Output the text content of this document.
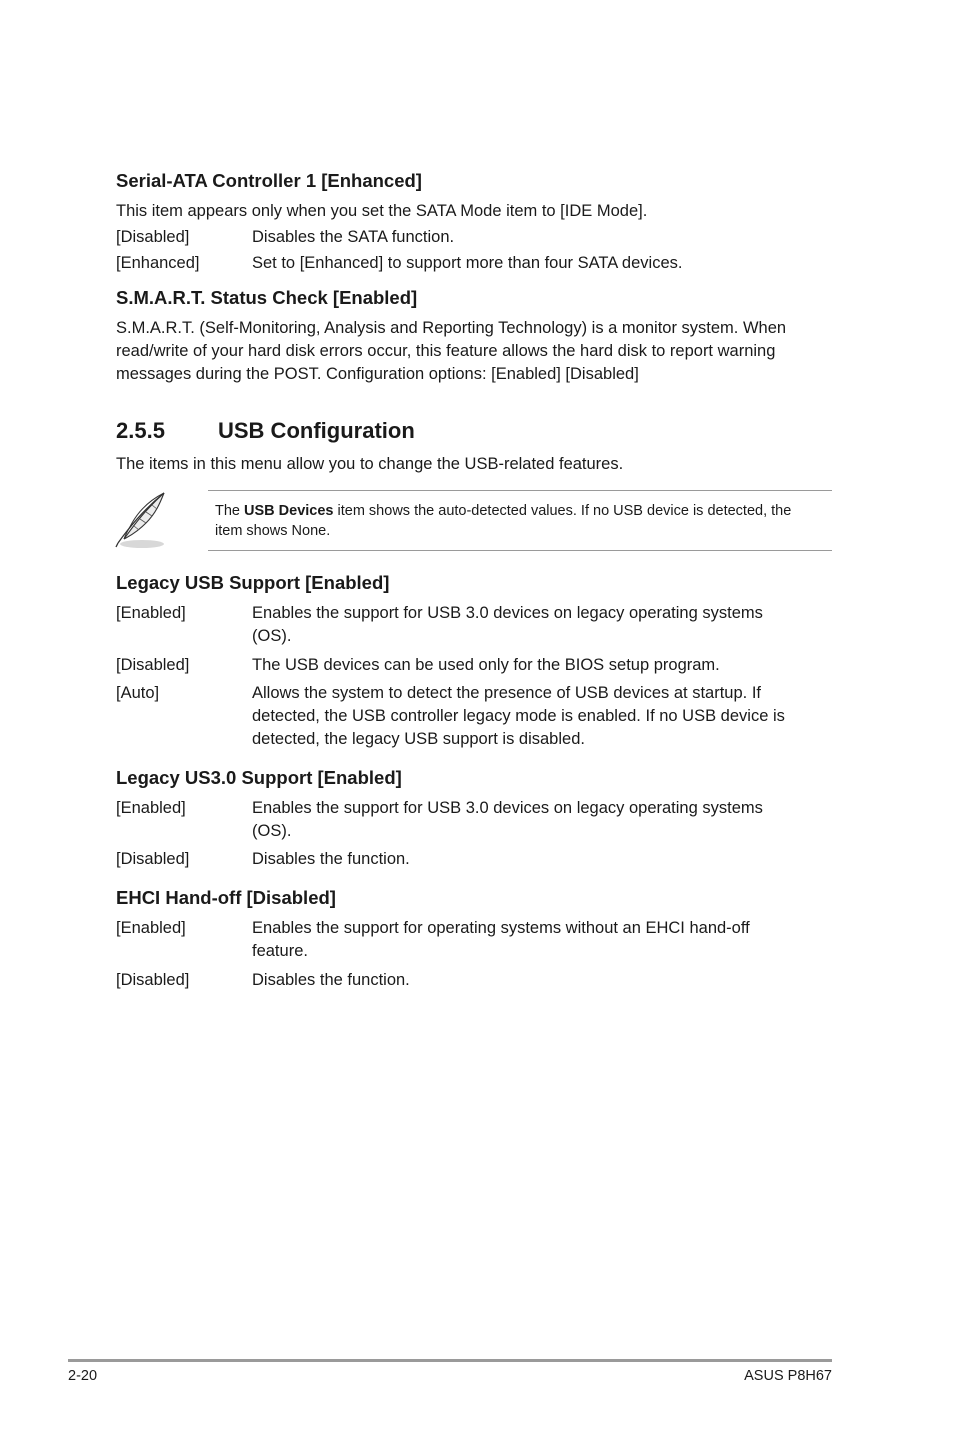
Serial-ATA Controller 1 [Enhanced]

This item appears only when you set the SATA Mode item to [IDE Mode].

[Disabled]	Disables the SATA function.
[Enhanced]	Set to [Enhanced] to support more than four SATA devices.
S.M.A.R.T. Status Check [Enabled]
S.M.A.R.T. (Self-Monitoring, Analysis and Reporting Technology) is a monitor system. When
read/write of your hard disk errors occur, this feature allows the hard disk to report warning
messages during the POST. Configuration options: [Enabled] [Disabled]
2.5.5	USB Configuration

The items in this menu allow you to change the USB-related features.

The USB Devices item shows the auto-detected values. If no USB device is detected, the
item shows None.
Legacy USB Support [Enabled]
[Enabled]	Enables the support for USB 3.0 devices on legacy operating systems
(OS).
[Disabled]	The USB devices can be used only for the BIOS setup program.
[Auto]	Allows the system to detect the presence of USB devices at startup. If
detected, the USB controller legacy mode is enabled. If no USB device is
detected, the legacy USB support is disabled.
Legacy US3.0 Support [Enabled]
[Enabled]	Enables the support for USB 3.0 devices on legacy operating systems
(OS).
[Disabled]	Disables the function.
EHCI Hand-off [Disabled]
[Enabled]	Enables the support for operating systems without an EHCI hand-off
feature.
[Disabled]	Disables the function.
2-20	ASUS P8H67
